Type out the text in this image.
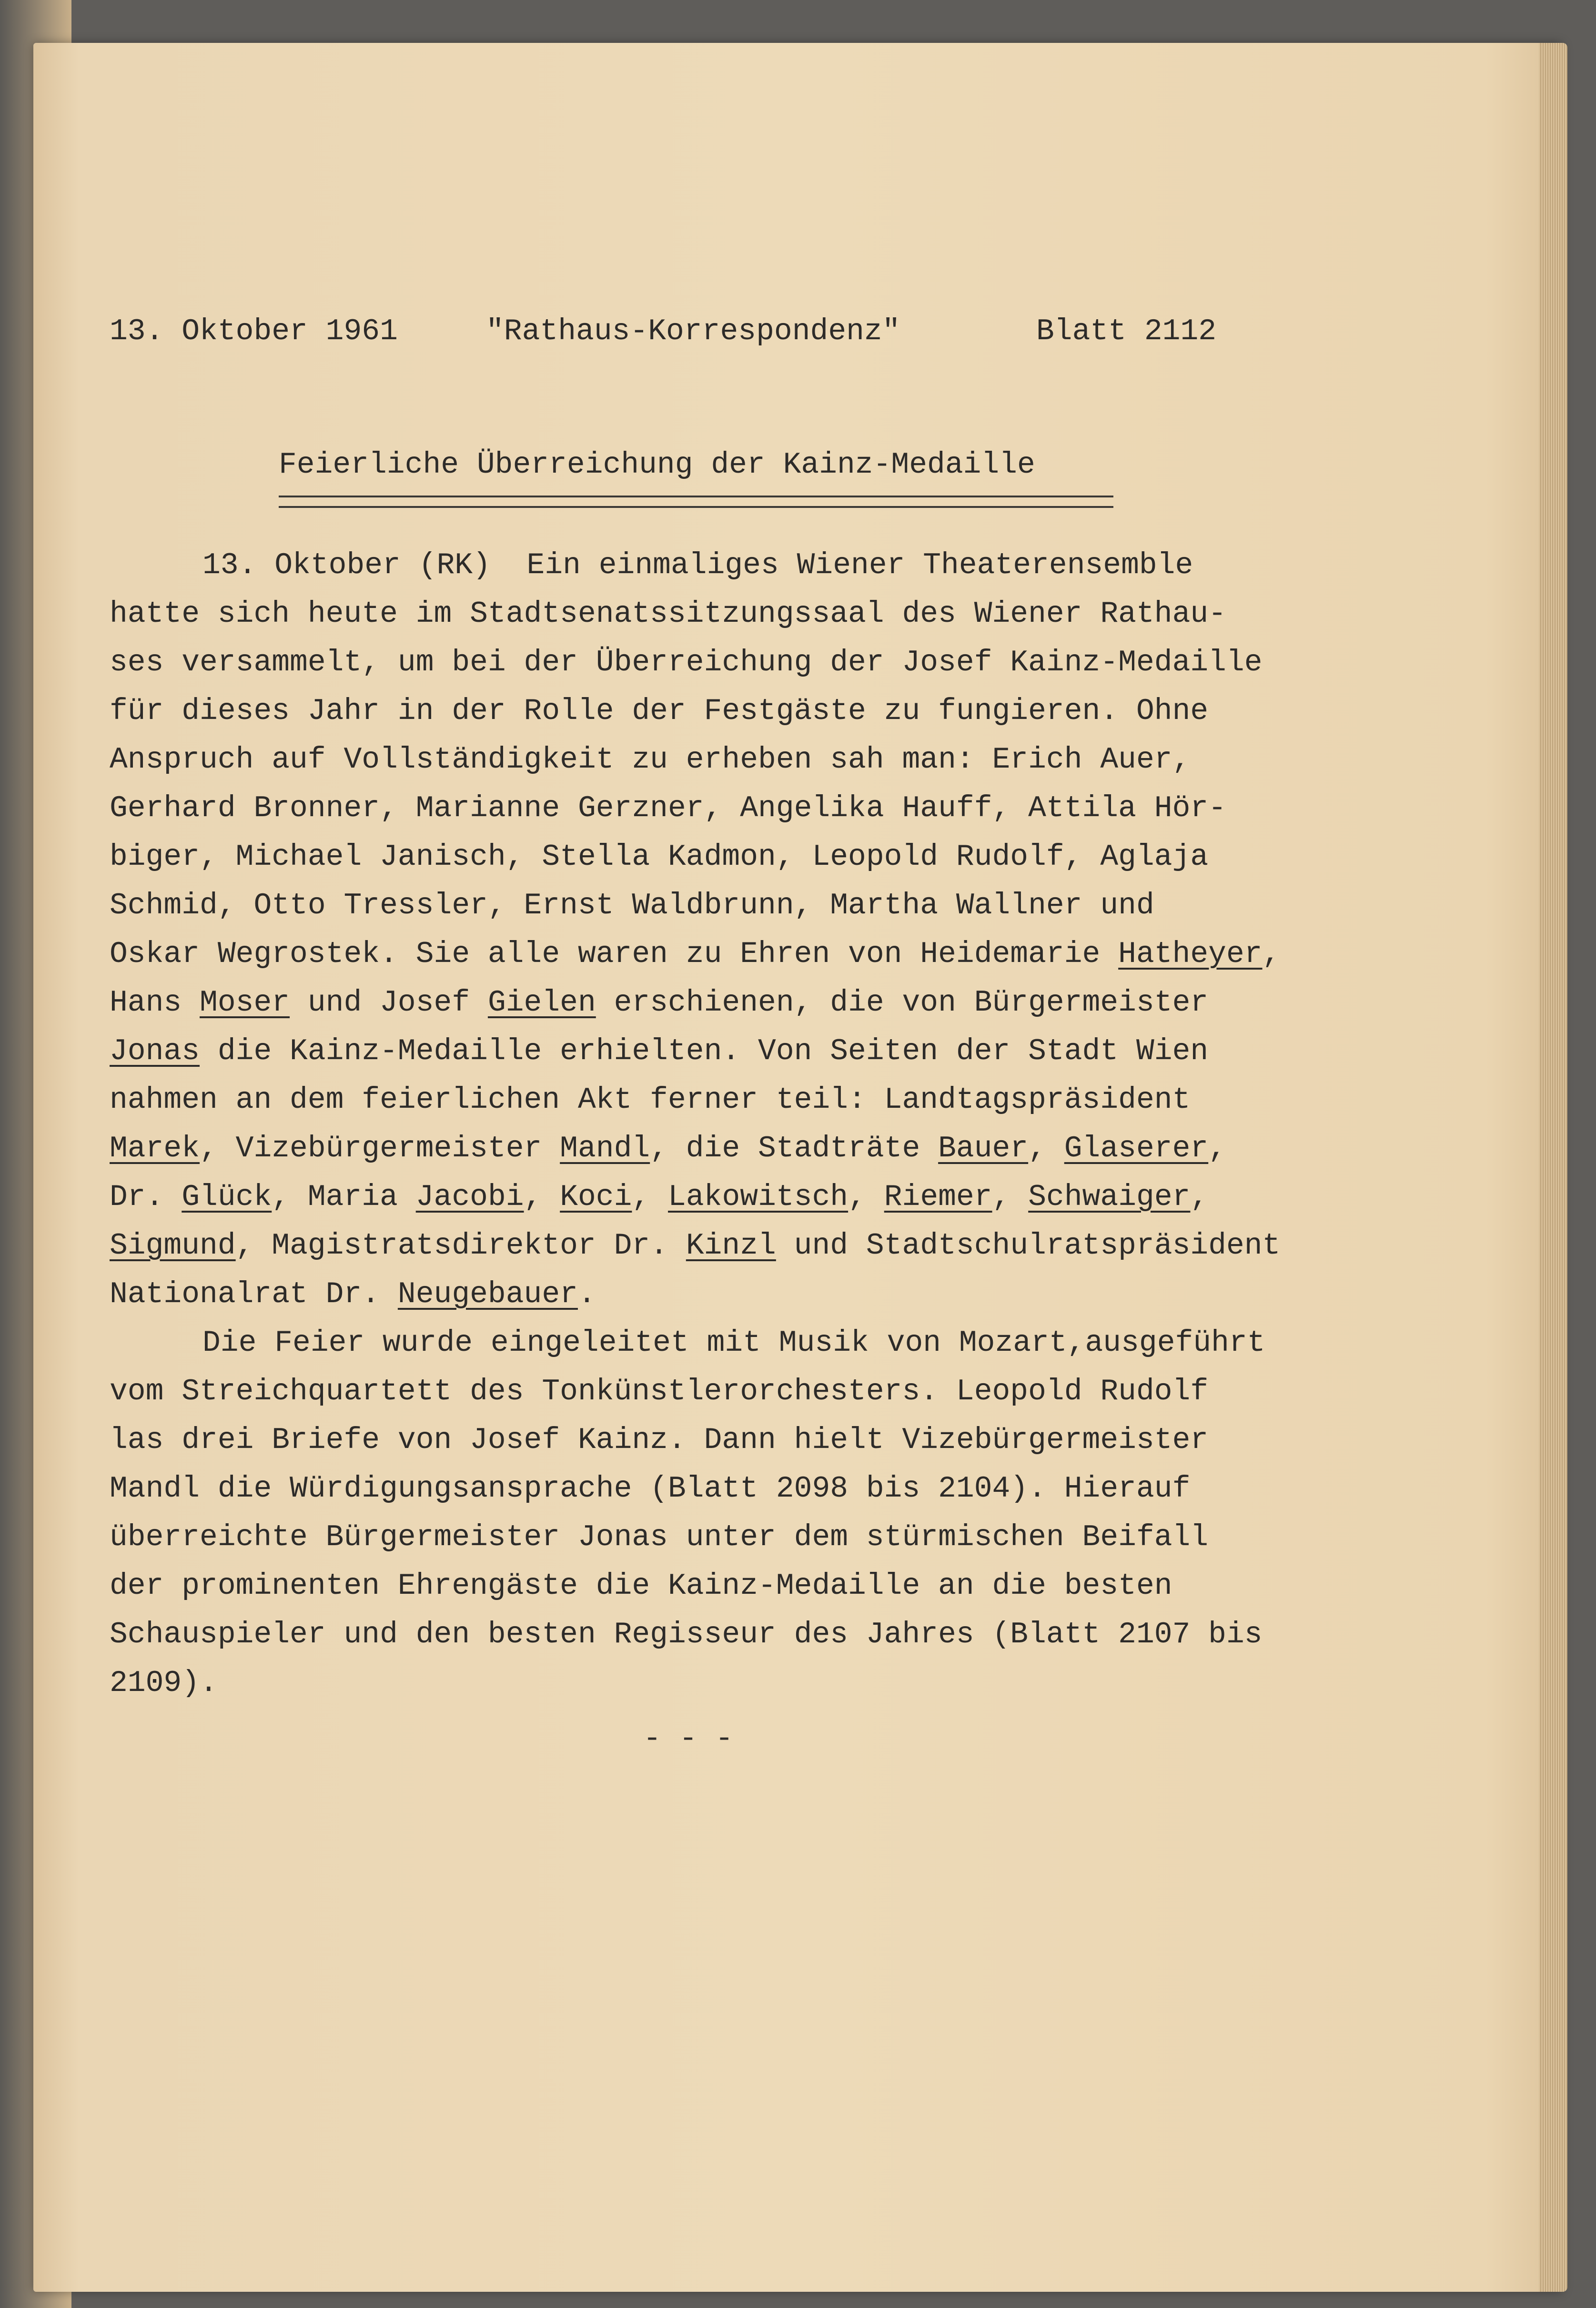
13. Oktober 1961	"Rathaus-Korrespondenz"	Blatt 2112
Feierliche Überreichung der Kainz-Medaille
13. Oktober (RK)  Ein einmaliges Wiener Theaterensemble
hatte sich heute im Stadtsenatssitzungssaal des Wiener Rathau-
ses versammelt, um bei der Überreichung der Josef Kainz-Medaille
für dieses Jahr in der Rolle der Festgäste zu fungieren. Ohne
Anspruch auf Vollständigkeit zu erheben sah man: Erich Auer,
Gerhard Bronner, Marianne Gerzner, Angelika Hauff, Attila Hör-
biger, Michael Janisch, Stella Kadmon, Leopold Rudolf, Aglaja
Schmid, Otto Tressler, Ernst Waldbrunn, Martha Wallner und
Oskar Wegrostek. Sie alle waren zu Ehren von Heidemarie Hatheyer,
Hans Moser und Josef Gielen erschienen, die von Bürgermeister
Jonas die Kainz-Medaille erhielten. Von Seiten der Stadt Wien
nahmen an dem feierlichen Akt ferner teil: Landtagspräsident
Marek, Vizebürgermeister Mandl, die Stadträte Bauer, Glaserer,
Dr. Glück, Maria Jacobi, Koci, Lakowitsch, Riemer, Schwaiger,
Sigmund, Magistratsdirektor Dr. Kinzl und Stadtschulratspräsident
Nationalrat Dr. Neugebauer.
Die Feier wurde eingeleitet mit Musik von Mozart,ausgeführt
vom Streichquartett des Tonkünstlerorchesters. Leopold Rudolf
las drei Briefe von Josef Kainz. Dann hielt Vizebürgermeister
Mandl die Würdigungsansprache (Blatt 2098 bis 2104). Hierauf
überreichte Bürgermeister Jonas unter dem stürmischen Beifall
der prominenten Ehrengäste die Kainz-Medaille an die besten
Schauspieler und den besten Regisseur des Jahres (Blatt 2107 bis
2109).
- - -
